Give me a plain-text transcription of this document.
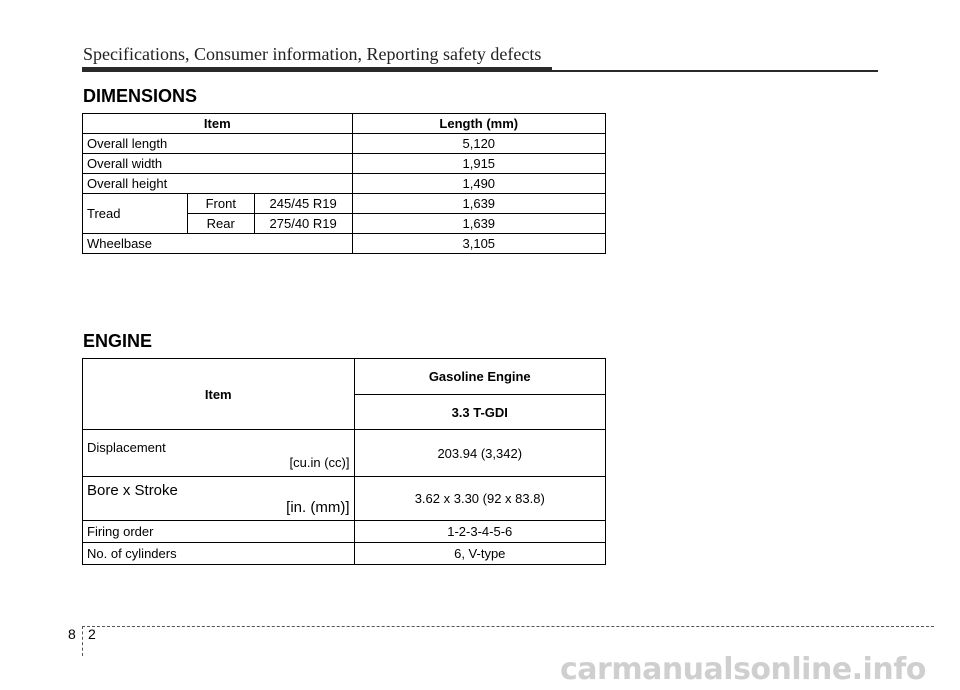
Specifications, Consumer information, Reporting safety defects
DIMENSIONS
Item			Length (mm)
Overall length			5,120
Overall width			1,915
Overall height			1,490
Tread	Front	245/45 R19	1,639
	Rear	275/40 R19	1,639
Wheelbase			3,105
ENGINE
Item	Gasoline Engine
	3.3 T-GDI
Displacement
[cu.in (cc)]	203.94 (3,342)
Bore x Stroke
[in. (mm)]	3.62 x 3.30 (92 x 83.8)
Firing order	1-2-3-4-5-6
No. of cylinders	6, V-type
8 2
carmanualsonline.info
